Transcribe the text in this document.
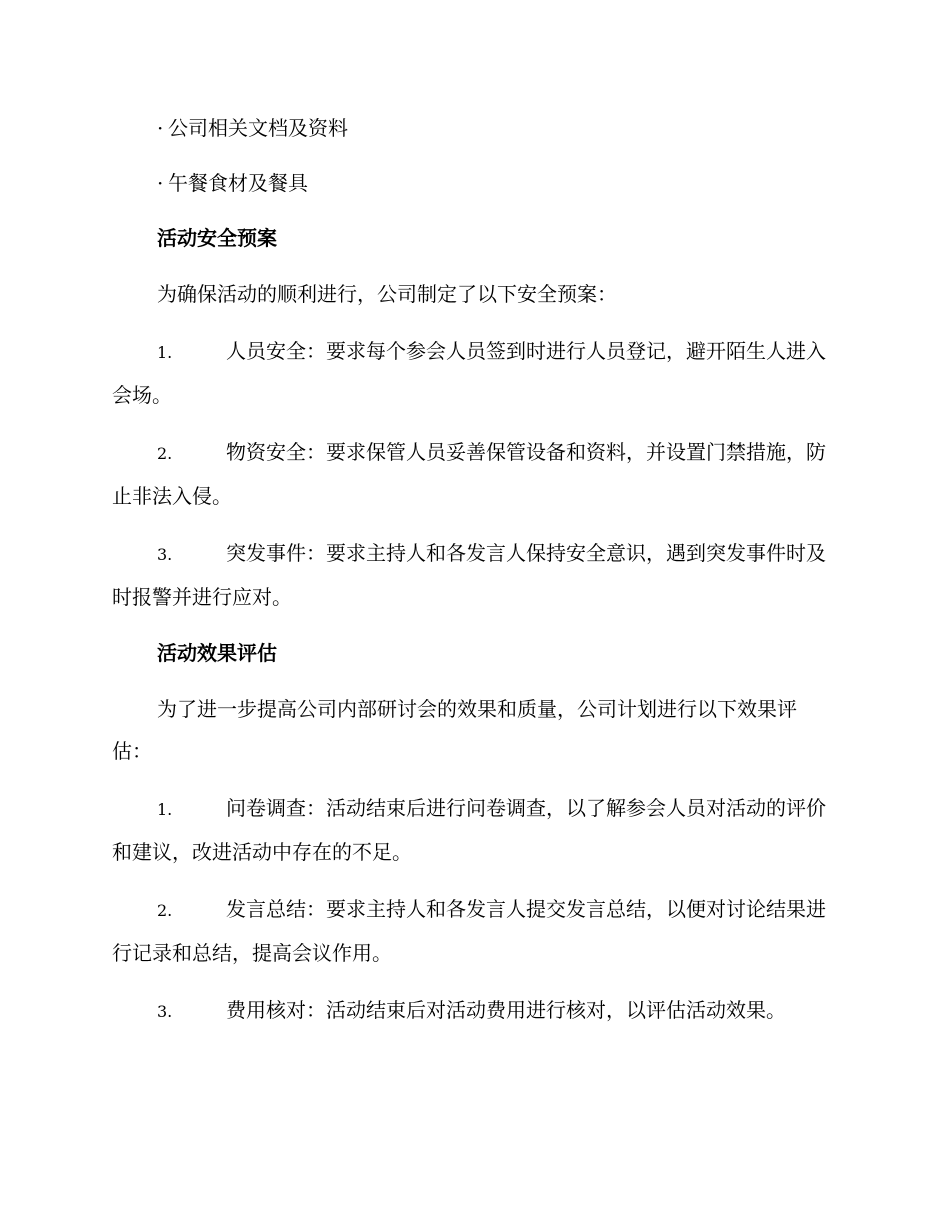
· 公司相关文档及资料
· 午餐食材及餐具
活动安全预案
为确保活动的顺利进行，公司制定了以下安全预案：
1.	人员安全：要求每个参会人员签到时进行人员登记，避开陌生人进入会场。
2.	物资安全：要求保管人员妥善保管设备和资料，并设置门禁措施，防止非法入侵。
3.	突发事件：要求主持人和各发言人保持安全意识，遇到突发事件时及时报警并进行应对。
活动效果评估
为了进一步提高公司内部研讨会的效果和质量，公司计划进行以下效果评估：
1.	问卷调查：活动结束后进行问卷调查，以了解参会人员对活动的评价和建议，改进活动中存在的不足。
2.	发言总结：要求主持人和各发言人提交发言总结，以便对讨论结果进行记录和总结，提高会议作用。
3.	费用核对：活动结束后对活动费用进行核对，以评估活动效果。
